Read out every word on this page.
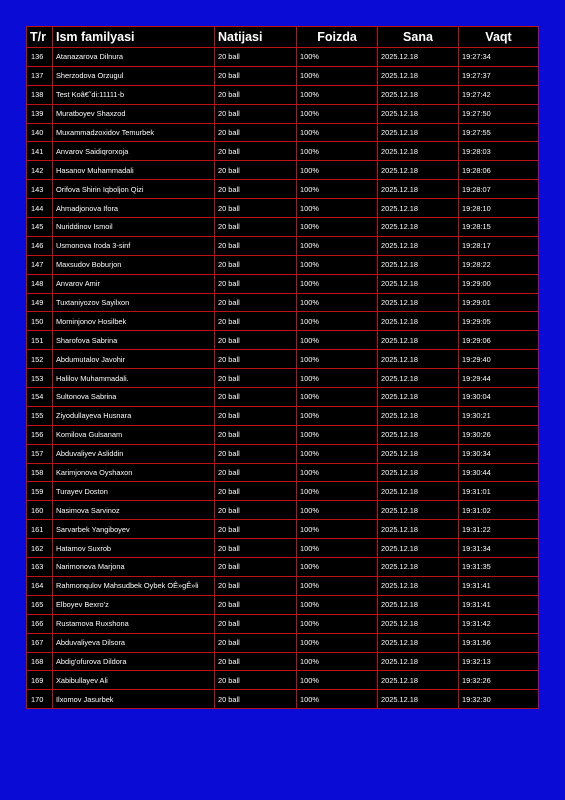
T/r	Ism familyasi	Natijasi	Foizda	Sana	Vaqt
136	Atanazarova Dilnura	20 ball	100%	2025.12.18	19:27:34
137	Sherzodova Orzugul	20 ball	100%	2025.12.18	19:27:37
138	Test Koâ€˜di:11111-b	20 ball	100%	2025.12.18	19:27:42
139	Muratboyev Shaxzod	20 ball	100%	2025.12.18	19:27:50
140	Muxammadzoxidov Temurbek	20 ball	100%	2025.12.18	19:27:55
141	Anvarov Saidiqrorxoja	20 ball	100%	2025.12.18	19:28:03
142	Hasanov Muhammadali	20 ball	100%	2025.12.18	19:28:06
143	Orifova Shirin Iqboljon Qizi	20 ball	100%	2025.12.18	19:28:07
144	Ahmadjonova Ifora	20 ball	100%	2025.12.18	19:28:10
145	Nuriddinov Ismoil	20 ball	100%	2025.12.18	19:28:15
146	Usmonova Iroda 3-sinf	20 ball	100%	2025.12.18	19:28:17
147	Maxsudov Boburjon	20 ball	100%	2025.12.18	19:28:22
148	Anvarov Amir	20 ball	100%	2025.12.18	19:29:00
149	Tuxtaniyozov Sayilxon	20 ball	100%	2025.12.18	19:29:01
150	Mominjonov Hosilbek	20 ball	100%	2025.12.18	19:29:05
151	Sharofova Sabrina	20 ball	100%	2025.12.18	19:29:06
152	Abdumutalov Javohir	20 ball	100%	2025.12.18	19:29:40
153	Halilov Muhammadali.	20 ball	100%	2025.12.18	19:29:44
154	Sultonova Sabrina	20 ball	100%	2025.12.18	19:30:04
155	Ziyodullayeva Husnara	20 ball	100%	2025.12.18	19:30:21
156	Komilova Gulsanam	20 ball	100%	2025.12.18	19:30:26
157	Abduvaliyev Asliddin	20 ball	100%	2025.12.18	19:30:34
158	Karimjonova Oyshaxon	20 ball	100%	2025.12.18	19:30:44
159	Turayev Doston	20 ball	100%	2025.12.18	19:31:01
160	Nasimova Sarvinoz	20 ball	100%	2025.12.18	19:31:02
161	Sarvarbek Yangiboyev	20 ball	100%	2025.12.18	19:31:22
162	Hatamov Suxrob	20 ball	100%	2025.12.18	19:31:34
163	Narimonova Marjona	20 ball	100%	2025.12.18	19:31:35
164	Rahmonqulov Mahsudbek Oybek OÊ»gÊ»li	20 ball	100%	2025.12.18	19:31:41
165	Elboyev Bexro'z	20 ball	100%	2025.12.18	19:31:41
166	Rustamova Ruxshona	20 ball	100%	2025.12.18	19:31:42
167	Abduvaliyeva Dilsora	20 ball	100%	2025.12.18	19:31:56
168	Abdig'ofurova Dildora	20 ball	100%	2025.12.18	19:32:13
169	Xabibullayev Ali	20 ball	100%	2025.12.18	19:32:26
170	Ilxomov Jasurbek	20 ball	100%	2025.12.18	19:32:30
